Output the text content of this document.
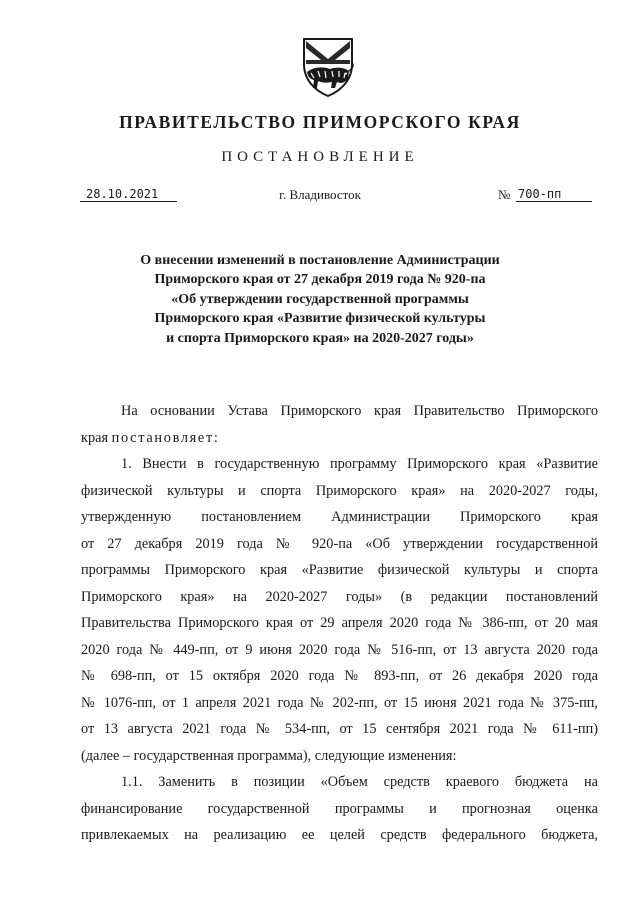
ПРАВИТЕЛЬСТВО ПРИМОРСКОГО КРАЯ
ПОСТАНОВЛЕНИЕ
28.10.2021	г. Владивосток	№ 700-пп
О внесении изменений в постановление Администрации
Приморского края от 27 декабря 2019 года № 920-па
«Об утверждении государственной программы
Приморского края «Развитие физической культуры
и спорта Приморского края» на 2020-2027 годы»
На основании Устава Приморского края Правительство Приморского
края постановляет:
1. Внести в государственную программу Приморского края «Развитие
физической культуры и спорта Приморского края» на 2020-2027 годы,
утвержденную постановлением Администрации Приморского края
от 27 декабря 2019 года № 920-па «Об утверждении государственной
программы Приморского края «Развитие физической культуры и спорта
Приморского края» на 2020-2027 годы» (в редакции постановлений
Правительства Приморского края от 29 апреля 2020 года № 386-пп, от 20 мая
2020 года № 449-пп, от 9 июня 2020 года № 516-пп, от 13 августа 2020 года
№ 698-пп, от 15 октября 2020 года № 893-пп, от 26 декабря 2020 года
№ 1076-пп, от 1 апреля 2021 года № 202-пп, от 15 июня 2021 года № 375-пп,
от 13 августа 2021 года № 534-пп, от 15 сентября 2021 года № 611-пп)
(далее – государственная программа), следующие изменения:
1.1. Заменить в позиции «Объем средств краевого бюджета на
финансирование государственной программы и прогнозная оценка
привлекаемых на реализацию ее целей средств федерального бюджета,
